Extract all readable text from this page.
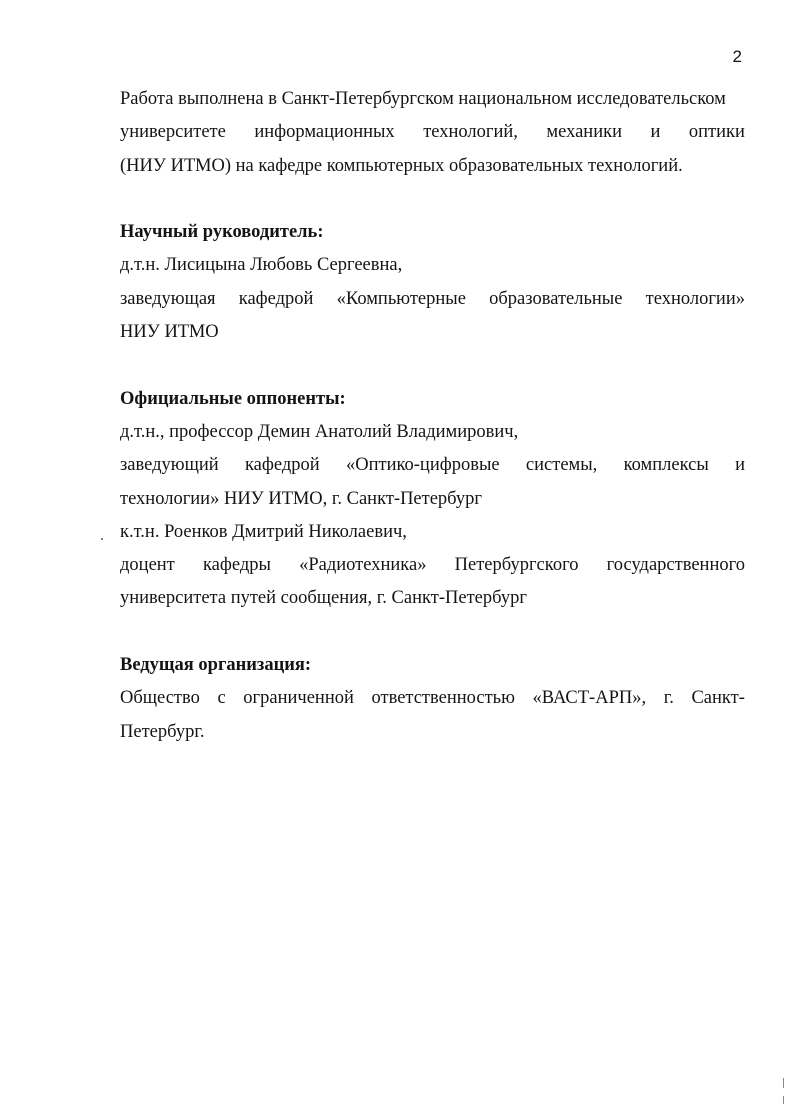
2
Работа выполнена в Санкт-Петербургском национальном исследовательском
университете информационных технологий, механики и оптики
(НИУ ИТМО) на кафедре компьютерных образовательных технологий.
Научный руководитель:
д.т.н. Лисицына Любовь Сергеевна,
заведующая кафедрой «Компьютерные образовательные технологии»
НИУ ИТМО
Официальные оппоненты:
д.т.н., профессор Демин Анатолий Владимирович,
заведующий кафедрой «Оптико-цифровые системы, комплексы и
технологии» НИУ ИТМО, г. Санкт-Петербург
к.т.н. Роенков Дмитрий Николаевич,
доцент кафедры «Радиотехника» Петербургского государственного
университета путей сообщения, г. Санкт-Петербург
Ведущая организация:
Общество с ограниченной ответственностью «ВАСТ-АРП», г. Санкт-
Петербург.
